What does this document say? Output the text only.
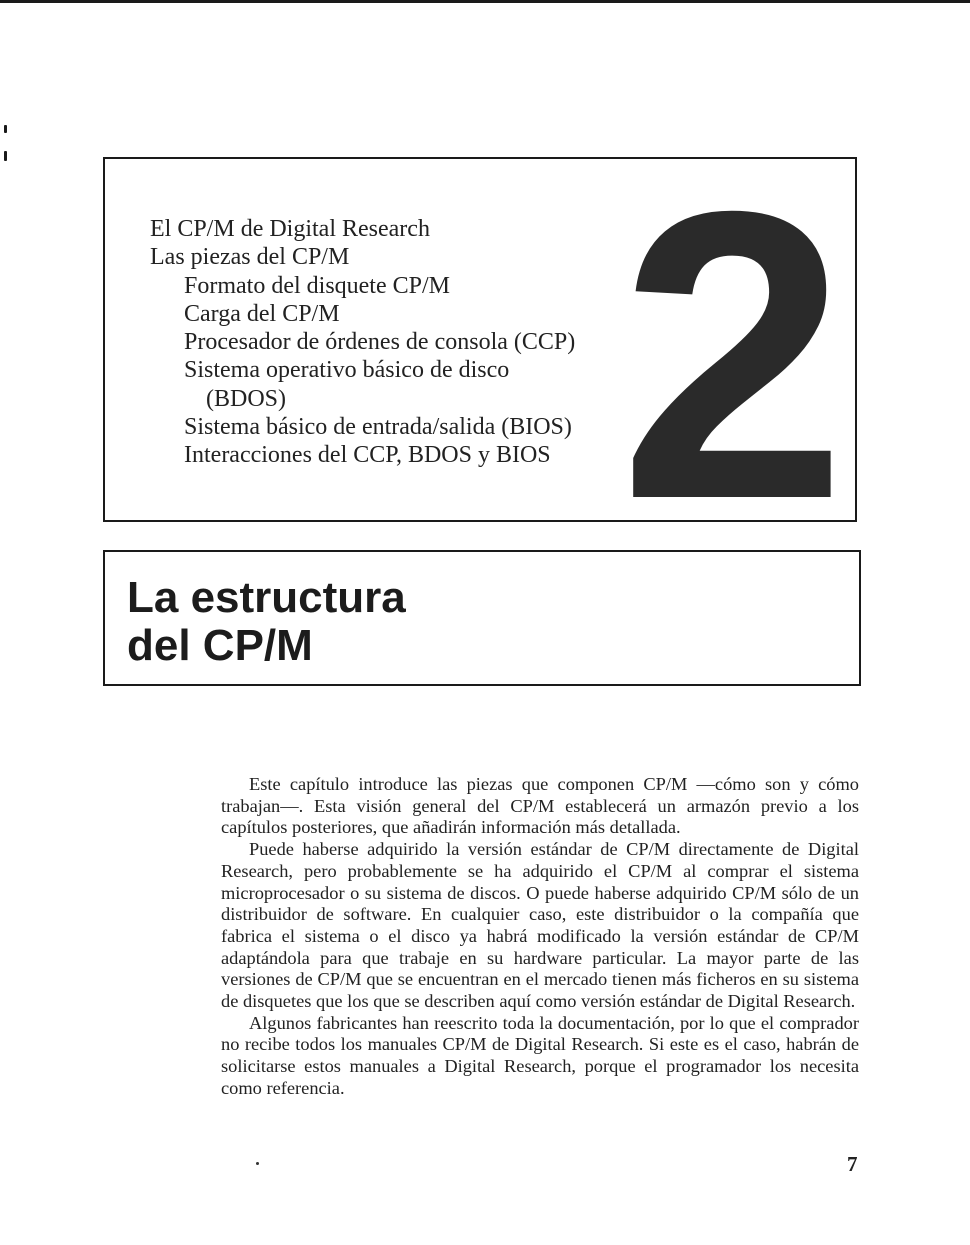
El CP/M de Digital Research
Las piezas del CP/M
Formato del disquete CP/M
Carga del CP/M
Procesador de órdenes de consola (CCP)
Sistema operativo básico de disco
(BDOS)
Sistema básico de entrada/salida (BIOS)
Interacciones del CCP, BDOS y BIOS 2
La estructura
del CP/M

Este capítulo introduce las piezas que componen CP/M —cómo son y cómo trabajan—. Esta visión general del CP/M establecerá un armazón previo a los capítulos posteriores, que añadirán información más detallada.

Puede haberse adquirido la versión estándar de CP/M directamente de Digital Research, pero probablemente se ha adquirido el CP/M al comprar el sistema microprocesador o su sistema de discos. O puede haberse adquirido CP/M sólo de un distribuidor de software. En cualquier caso, este distribuidor o la compañía que fabrica el sistema o el disco ya habrá modificado la versión estándar de CP/M adaptándola para que trabaje en su hardware particular. La mayor parte de las versiones de CP/M que se encuentran en el mercado tienen más ficheros en su sistema de disquetes que los que se describen aquí como versión estándar de Digital Research.

Algunos fabricantes han reescrito toda la documentación, por lo que el comprador no recibe todos los manuales CP/M de Digital Research. Si este es el caso, habrán de solicitarse estos manuales a Digital Research, porque el programador los necesita como referencia.

7
